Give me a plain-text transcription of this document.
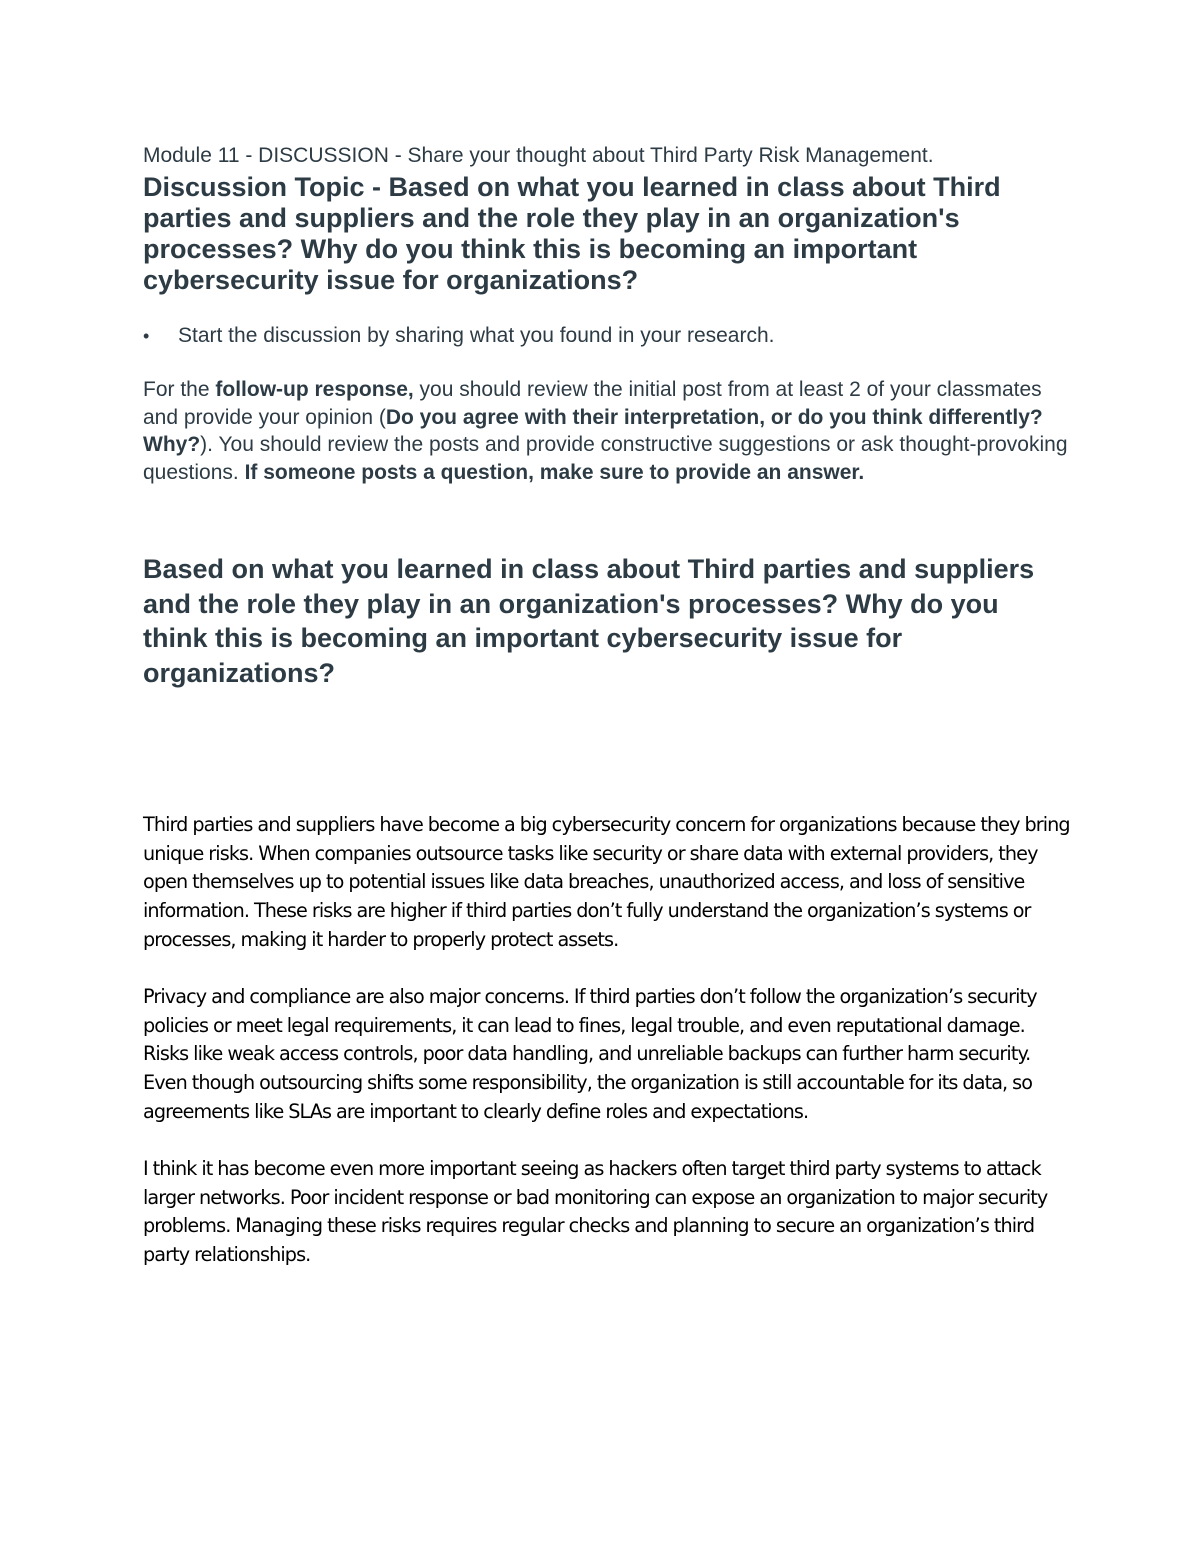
Module 11 - DISCUSSION - Share your thought about Third Party Risk Management.

Discussion Topic - Based on what you learned in class about Third parties and suppliers and the role they play in an organization's processes? Why do you think this is becoming an important cybersecurity issue for organizations?
•	Start the discussion by sharing what you found in your research.

For the follow-up response, you should review the initial post from at least 2 of your classmates and provide your opinion (Do you agree with their interpretation, or do you think differently? Why?). You should review the posts and provide constructive suggestions or ask thought-provoking questions. If someone posts a question, make sure to provide an answer.

Based on what you learned in class about Third parties and suppliers and the role they play in an organization's processes? Why do you think this is becoming an important cybersecurity issue for organizations?

Third parties and suppliers have become a big cybersecurity concern for organizations because they bring unique risks. When companies outsource tasks like security or share data with external providers, they open themselves up to potential issues like data breaches, unauthorized access, and loss of sensitive information. These risks are higher if third parties don’t fully understand the organization’s systems or processes, making it harder to properly protect assets.

Privacy and compliance are also major concerns. If third parties don’t follow the organization’s security policies or meet legal requirements, it can lead to fines, legal trouble, and even reputational damage. Risks like weak access controls, poor data handling, and unreliable backups can further harm security. Even though outsourcing shifts some responsibility, the organization is still accountable for its data, so agreements like SLAs are important to clearly define roles and expectations.

I think it has become even more important seeing as hackers often target third party systems to attack larger networks. Poor incident response or bad monitoring can expose an organization to major security problems. Managing these risks requires regular checks and planning to secure an organization’s third party relationships.
